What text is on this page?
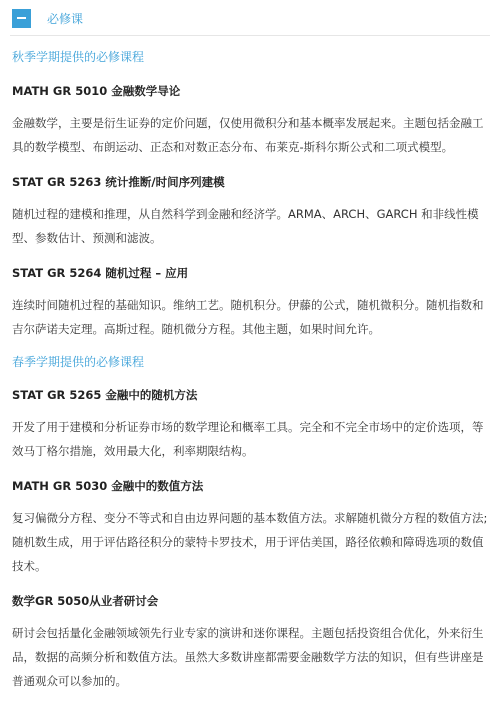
必修课
秋季学期提供的必修课程

MATH GR 5010 金融数学导论

金融数学，主要是衍生证券的定价问题，仅使用微积分和基本概率发展起来。主题包括金融工具的数学模型、布朗运动、正态和对数正态分布、布莱克-斯科尔斯公式和二项式模型。

STAT GR 5263 统计推断/时间序列建模

随机过程的建模和推理，从自然科学到金融和经济学。ARMA、ARCH、GARCH 和非线性模型、参数估计、预测和滤波。

STAT GR 5264 随机过程 – 应用

连续时间随机过程的基础知识。维纳工艺。随机积分。伊藤的公式，随机微积分。随机指数和吉尔萨诺夫定理。高斯过程。随机微分方程。其他主题，如果时间允许。

春季学期提供的必修课程

STAT GR 5265 金融中的随机方法

开发了用于建模和分析证券市场的数学理论和概率工具。完全和不完全市场中的定价选项，等效马丁格尔措施，效用最大化，利率期限结构。

MATH GR 5030 金融中的数值方法

复习偏微分方程、变分不等式和自由边界问题的基本数值方法。求解随机微分方程的数值方法;随机数生成，用于评估路径积分的蒙特卡罗技术，用于评估美国，路径依赖和障碍选项的数值技术。

数学GR 5050从业者研讨会

研讨会包括量化金融领域领先行业专家的演讲和迷你课程。主题包括投资组合优化，外来衍生品，数据的高频分析和数值方法。虽然大多数讲座都需要金融数学方法的知识，但有些讲座是普通观众可以参加的。
